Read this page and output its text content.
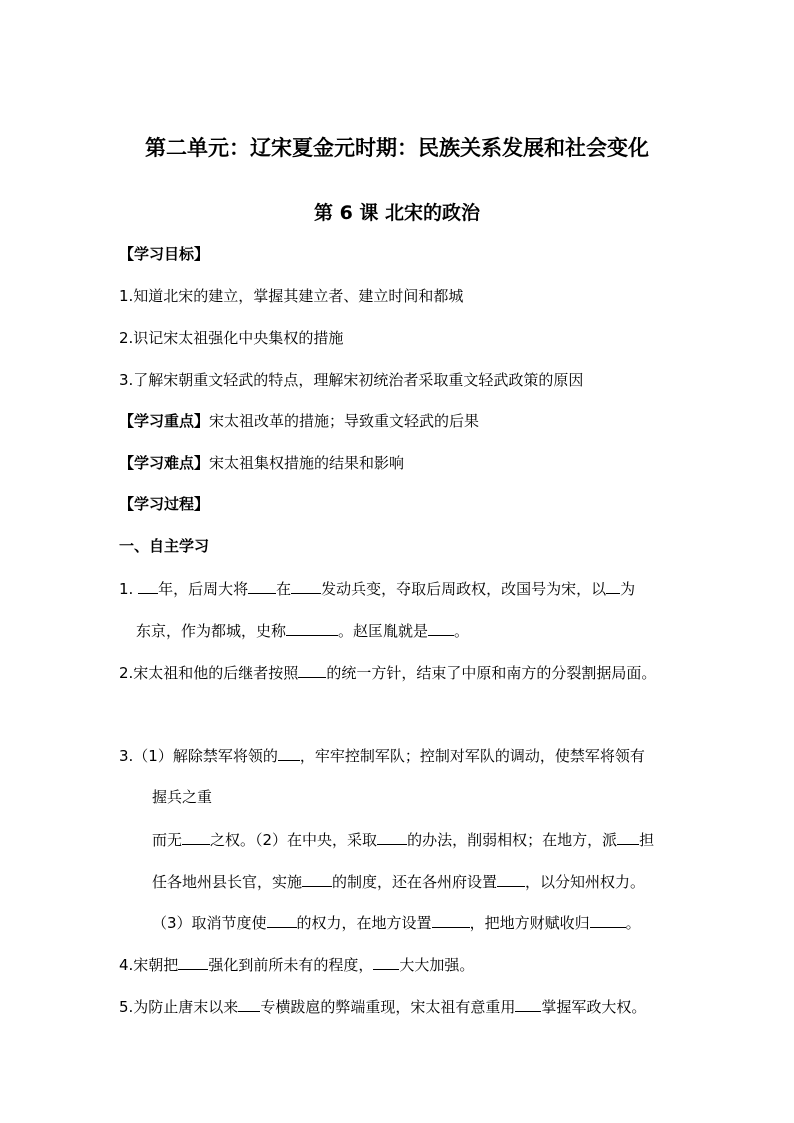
第二单元：辽宋夏金元时期：民族关系发展和社会变化
第 6 课 北宋的政治
【学习目标】
1.知道北宋的建立，掌握其建立者、建立时间和都城
2.识记宋太祖强化中央集权的措施
3.了解宋朝重文轻武的特点，理解宋初统治者采取重文轻武政策的原因
【学习重点】宋太祖改革的措施；导致重文轻武的后果
【学习难点】宋太祖集权措施的结果和影响
【学习过程】
一、自主学习
1. 年，后周大将 在 发动兵变，夺取后周政权，改国号为宋，以 为
东京，作为都城，史称	。赵匡胤就是 。
2.宋太祖和他的后继者按照 的统一方针，结束了中原和南方的分裂割据局面。
3.（1）解除禁军将领的 ，牢牢控制军队；控制对军队的调动，使禁军将领有
握兵之重
而无 之权。（2）在中央，采取 的办法，削弱相权；在地方，派 担
任各地州县长官，实施 的制度，还在各州府设置 ，以分知州权力。
（3）取消节度使 的权力，在地方设置	，把地方财赋收归 。
4.宋朝把 强化到前所未有的程度， 大大加强。
5.为防止唐末以来 专横跋扈的弊端重现，宋太祖有意重用 掌握军政大权。
